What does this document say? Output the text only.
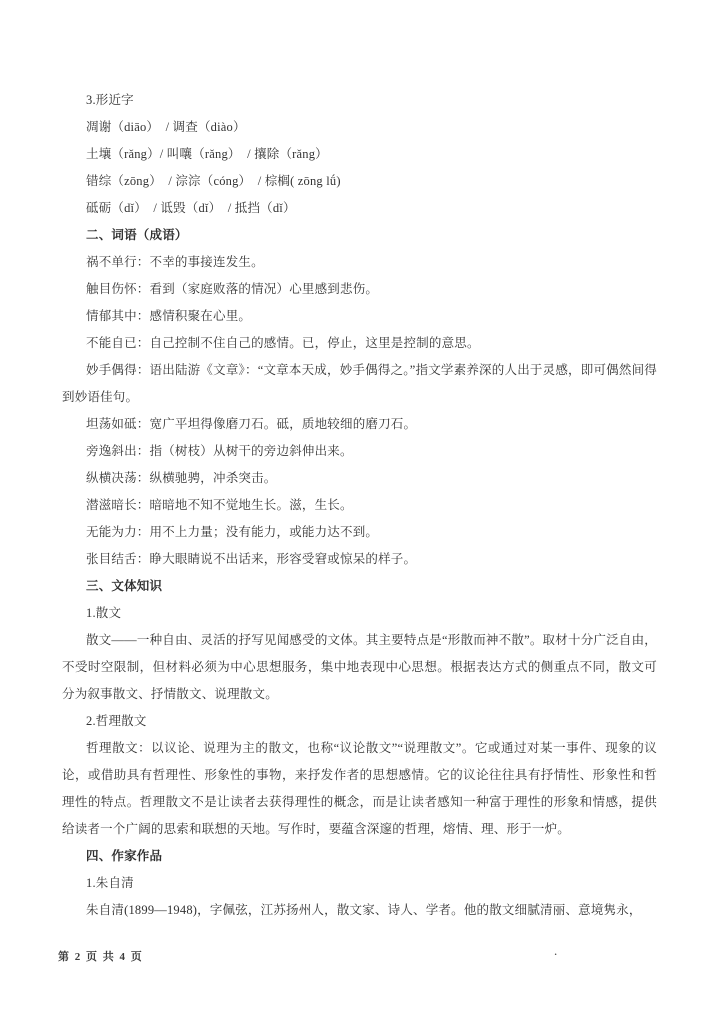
3.形近字

凋谢（diāo）　/ 调查（diào）

土壤（rǎng）/ 叫嚷（rǎng）　/ 攘除（rǎng）

错综（zōng）　/ 淙淙（cóng）　/ 棕榈( zōng lǘ)

砥砺（dǐ）　/ 诋毁（dǐ）　/ 抵挡（dǐ）

二、词语（成语）

祸不单行：不幸的事接连发生。

触目伤怀：看到（家庭败落的情况）心里感到悲伤。

情郁其中：感情积聚在心里。

不能自已：自己控制不住自己的感情。已，停止，这里是控制的意思。

妙手偶得：语出陆游《文章》：“文章本天成，妙手偶得之。”指文学素养深的人出于灵感，即可偶然间得到妙语佳句。

坦荡如砥：宽广平坦得像磨刀石。砥，质地较细的磨刀石。

旁逸斜出：指（树枝）从树干的旁边斜伸出来。

纵横决荡：纵横驰骋，冲杀突击。

潜滋暗长：暗暗地不知不觉地生长。滋，生长。

无能为力：用不上力量；没有能力，或能力达不到。

张目结舌：睁大眼睛说不出话来，形容受窘或惊呆的样子。

三、文体知识

1.散文

散文——一种自由、灵活的抒写见闻感受的文体。其主要特点是“形散而神不散”。取材十分广泛自由，不受时空限制，但材料必须为中心思想服务，集中地表现中心思想。根据表达方式的侧重点不同，散文可分为叙事散文、抒情散文、说理散文。

2.哲理散文

哲理散文：以议论、说理为主的散文，也称“议论散文”“说理散文”。它或通过对某一事件、现象的议论，或借助具有哲理性、形象性的事物，来抒发作者的思想感情。它的议论往往具有抒情性、形象性和哲理性的特点。哲理散文不是让读者去获得理性的概念，而是让读者感知一种富于理性的形象和情感，提供给读者一个广阔的思索和联想的天地。写作时，要蕴含深邃的哲理，熔情、理、形于一炉。

四、作家作品

1.朱自清

朱自清(1899—1948)，字佩弦，江苏扬州人，散文家、诗人、学者。他的散文细腻清丽、意境隽永，

第 2 页 共 4 页	.
